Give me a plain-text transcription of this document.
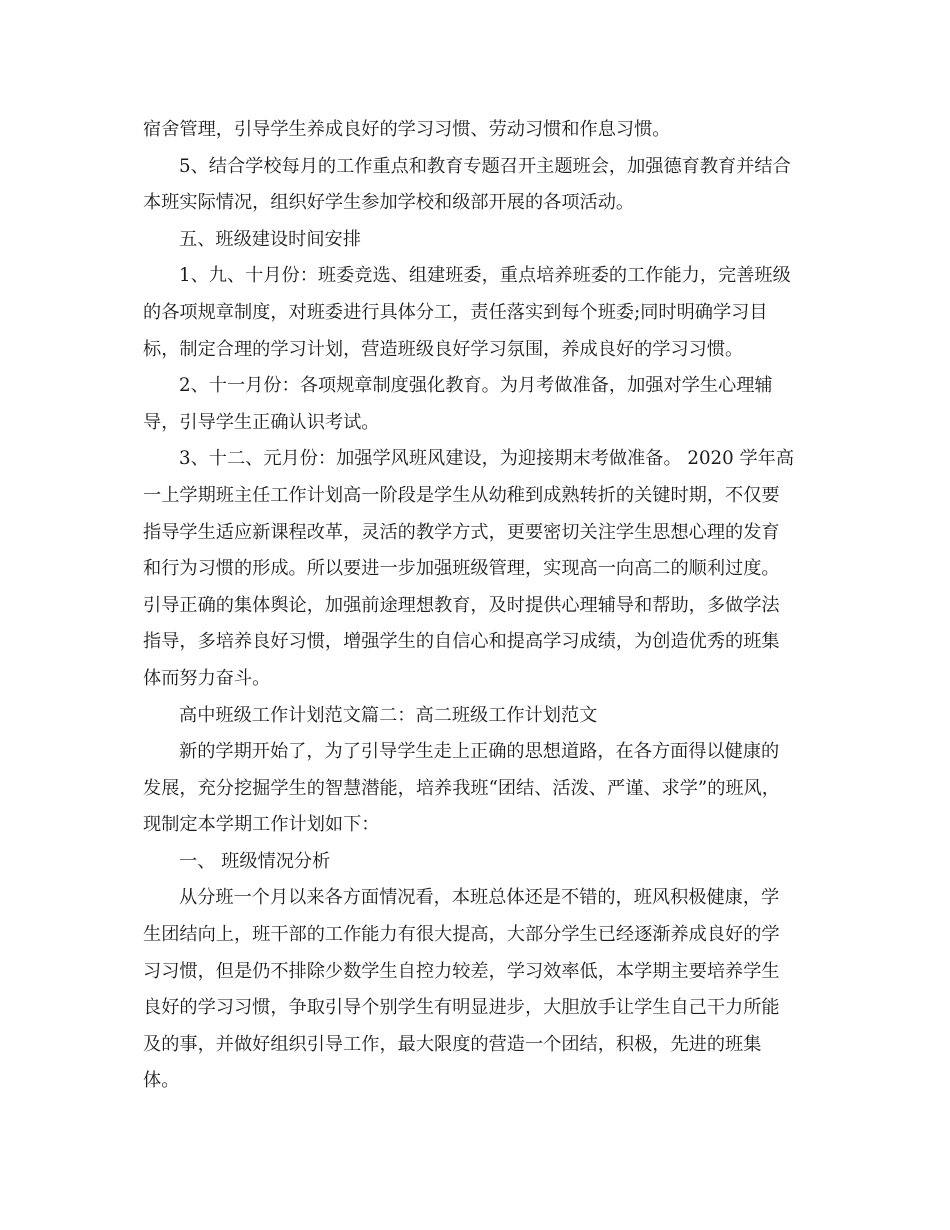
宿舍管理，引导学生养成良好的学习习惯、劳动习惯和作息习惯。
5、结合学校每月的工作重点和教育专题召开主题班会，加强德育教育并结合
本班实际情况，组织好学生参加学校和级部开展的各项活动。
五、班级建设时间安排
1、九、十月份：班委竞选、组建班委，重点培养班委的工作能力，完善班级
的各项规章制度，对班委进行具体分工，责任落实到每个班委;同时明确学习目
标，制定合理的学习计划，营造班级良好学习氛围，养成良好的学习习惯。
2、十一月份：各项规章制度强化教育。为月考做准备，加强对学生心理辅
导，引导学生正确认识考试。
3、十二、元月份：加强学风班风建设，为迎接期末考做准备。 2020 学年高
一上学期班主任工作计划高一阶段是学生从幼稚到成熟转折的关键时期，不仅要
指导学生适应新课程改革，灵活的教学方式，更要密切关注学生思想心理的发育
和行为习惯的形成。所以要进一步加强班级管理，实现高一向高二的顺利过度。
引导正确的集体舆论，加强前途理想教育，及时提供心理辅导和帮助，多做学法
指导，多培养良好习惯，增强学生的自信心和提高学习成绩，为创造优秀的班集
体而努力奋斗。
高中班级工作计划范文篇二：高二班级工作计划范文
新的学期开始了，为了引导学生走上正确的思想道路，在各方面得以健康的
发展，充分挖掘学生的智慧潜能，培养我班“团结、活泼、严谨、求学”的班风，
现制定本学期工作计划如下：
一、 班级情况分析
从分班一个月以来各方面情况看，本班总体还是不错的，班风积极健康，学
生团结向上，班干部的工作能力有很大提高，大部分学生已经逐渐养成良好的学
习习惯，但是仍不排除少数学生自控力较差，学习效率低，本学期主要培养学生
良好的学习习惯，争取引导个别学生有明显进步，大胆放手让学生自己干力所能
及的事，并做好组织引导工作，最大限度的营造一个团结，积极，先进的班集
体。
